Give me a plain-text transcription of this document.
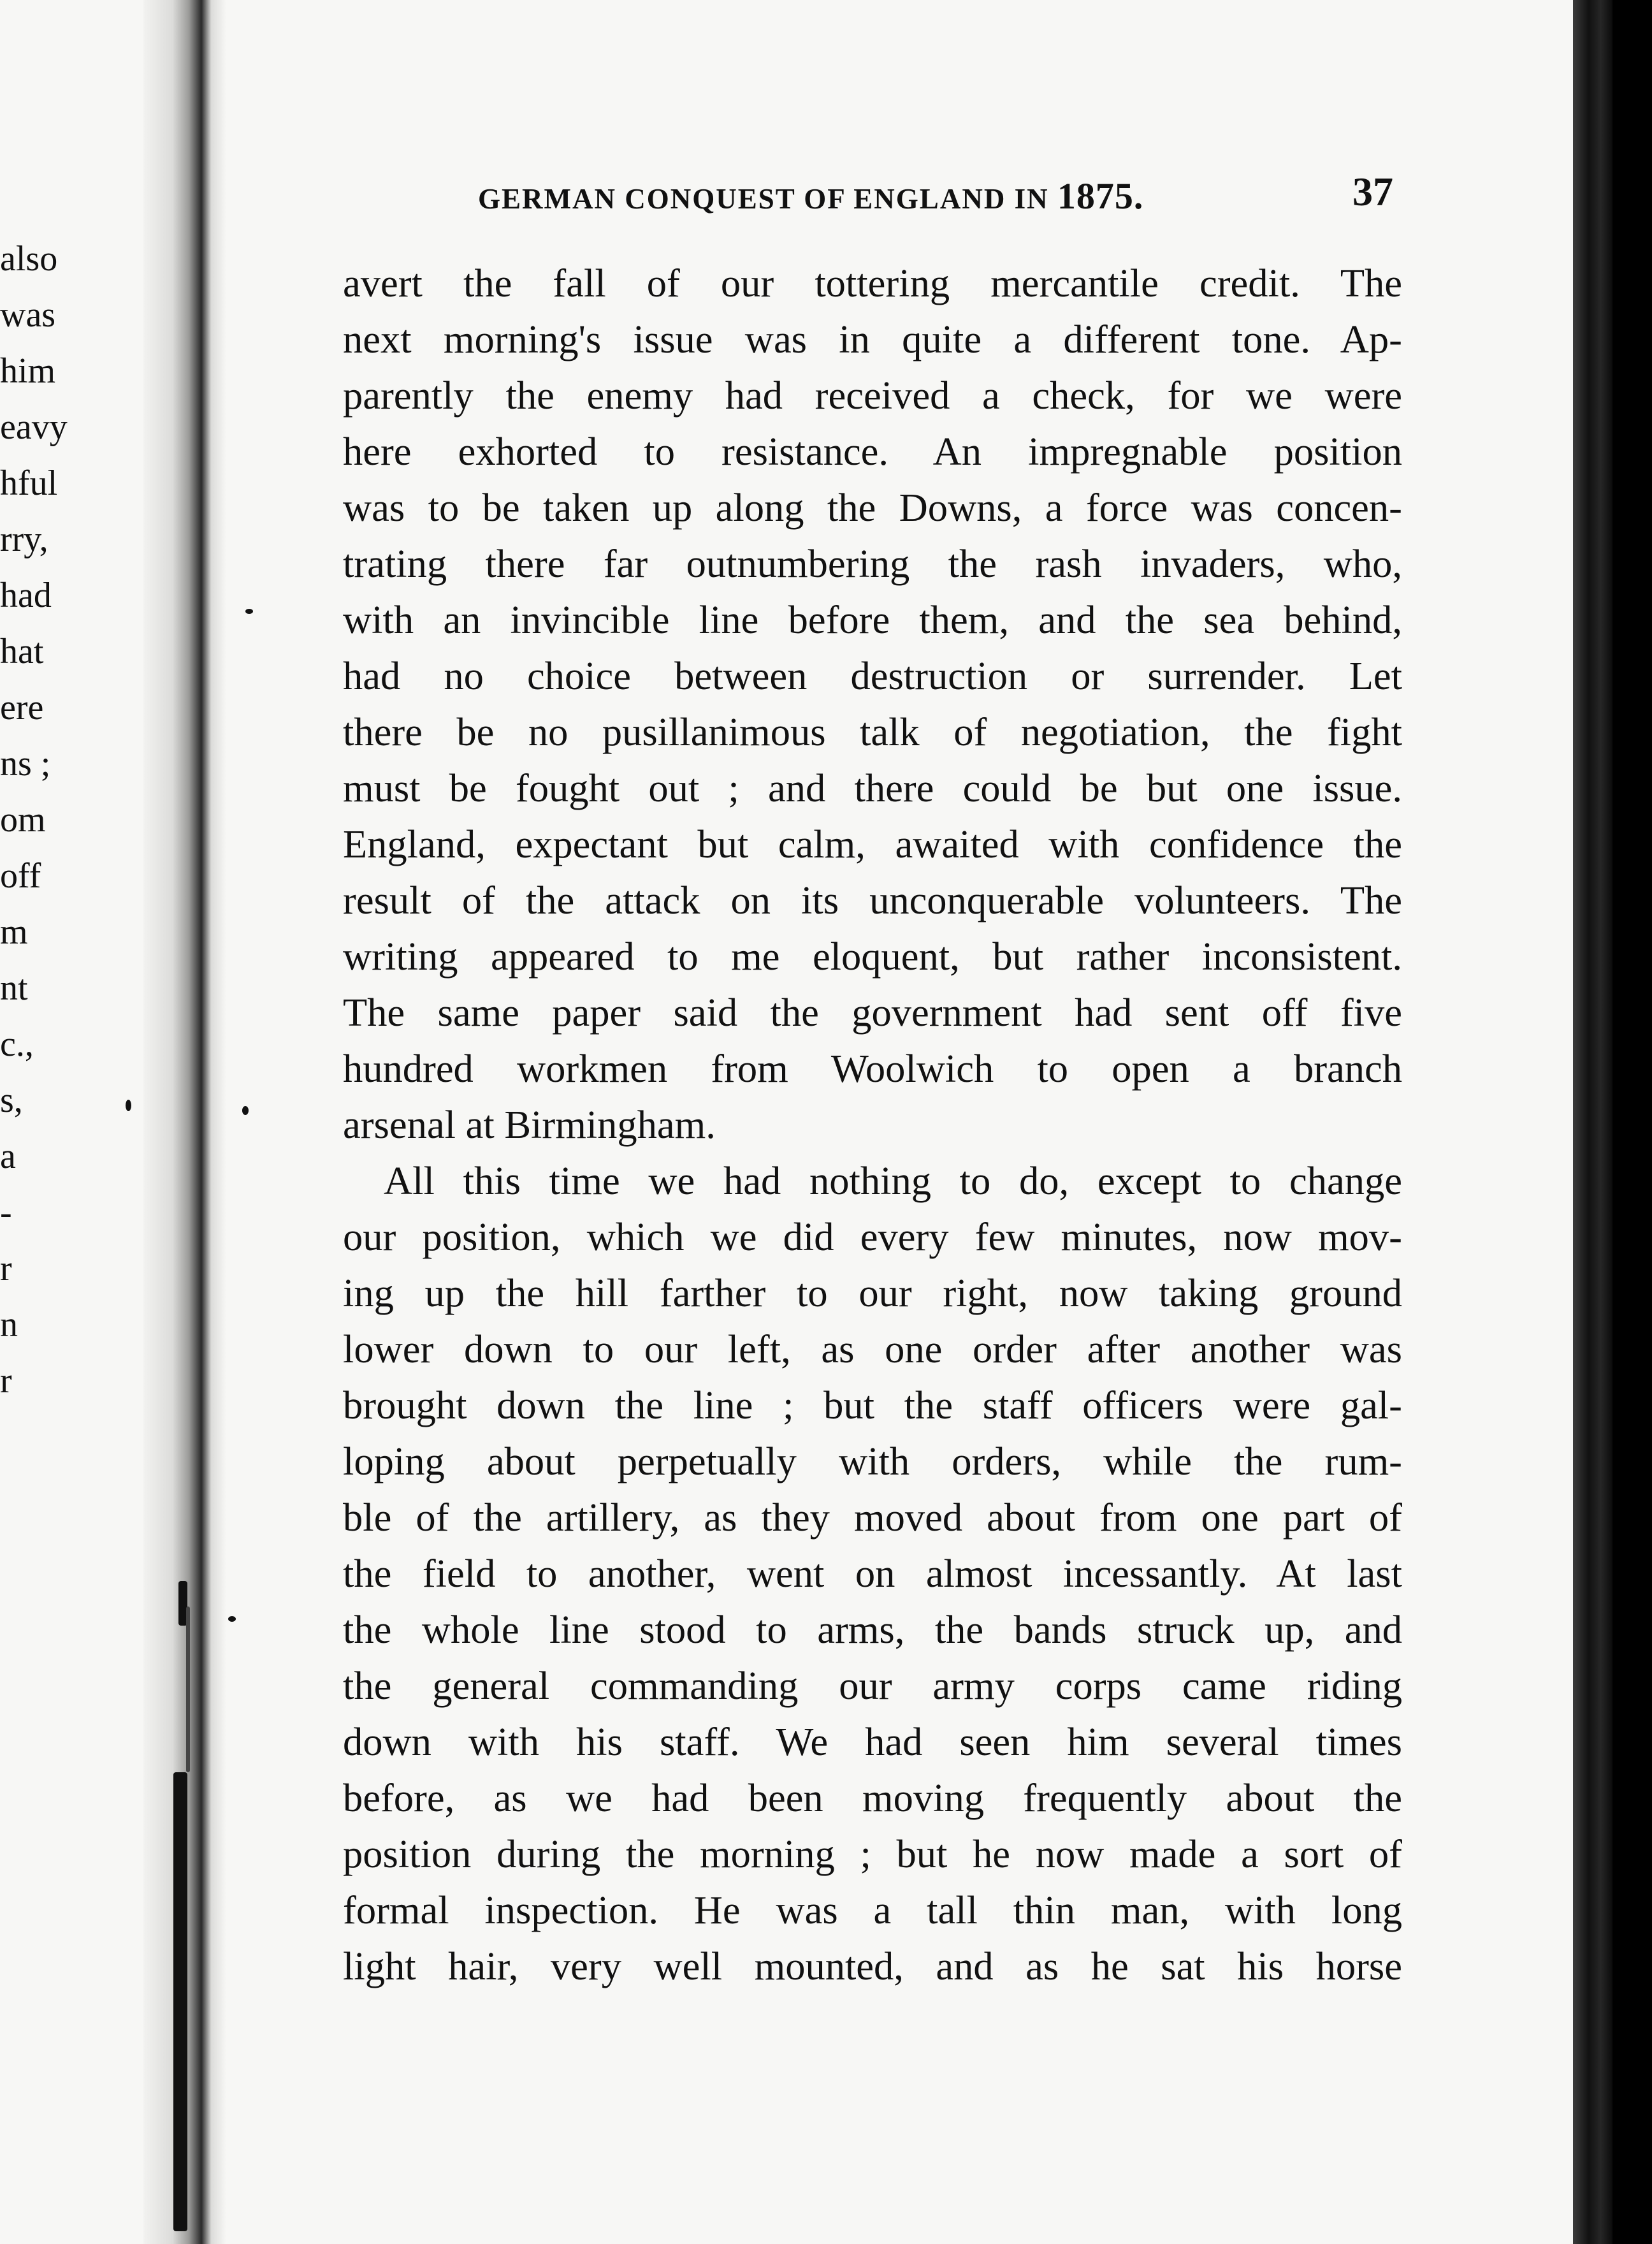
also
was
him
eavy
hful
rry,
had
hat
ere
ns ;
om
off
m
nt
c.,
s,
a
-
r
n
r
GERMAN CONQUEST OF ENGLAND IN 1875.	37
avert the fall of our tottering mercantile credit. The
next morning's issue was in quite a different tone. Ap-
parently the enemy had received a check, for we were
here exhorted to resistance. An impregnable position
was to be taken up along the Downs, a force was concen-
trating there far outnumbering the rash invaders, who,
with an invincible line before them, and the sea behind,
had no choice between destruction or surrender. Let
there be no pusillanimous talk of negotiation, the fight
must be fought out ; and there could be but one issue.
England, expectant but calm, awaited with confidence the
result of the attack on its unconquerable volunteers. The
writing appeared to me eloquent, but rather inconsistent.
The same paper said the government had sent off five
hundred workmen from Woolwich to open a branch
arsenal at Birmingham.
All this time we had nothing to do, except to change
our position, which we did every few minutes, now mov-
ing up the hill farther to our right, now taking ground
lower down to our left, as one order after another was
brought down the line ; but the staff officers were gal-
loping about perpetually with orders, while the rum-
ble of the artillery, as they moved about from one part of
the field to another, went on almost incessantly. At last
the whole line stood to arms, the bands struck up, and
the general commanding our army corps came riding
down with his staff. We had seen him several times
before, as we had been moving frequently about the
position during the morning ; but he now made a sort of
formal inspection. He was a tall thin man, with long
light hair, very well mounted, and as he sat his horse
